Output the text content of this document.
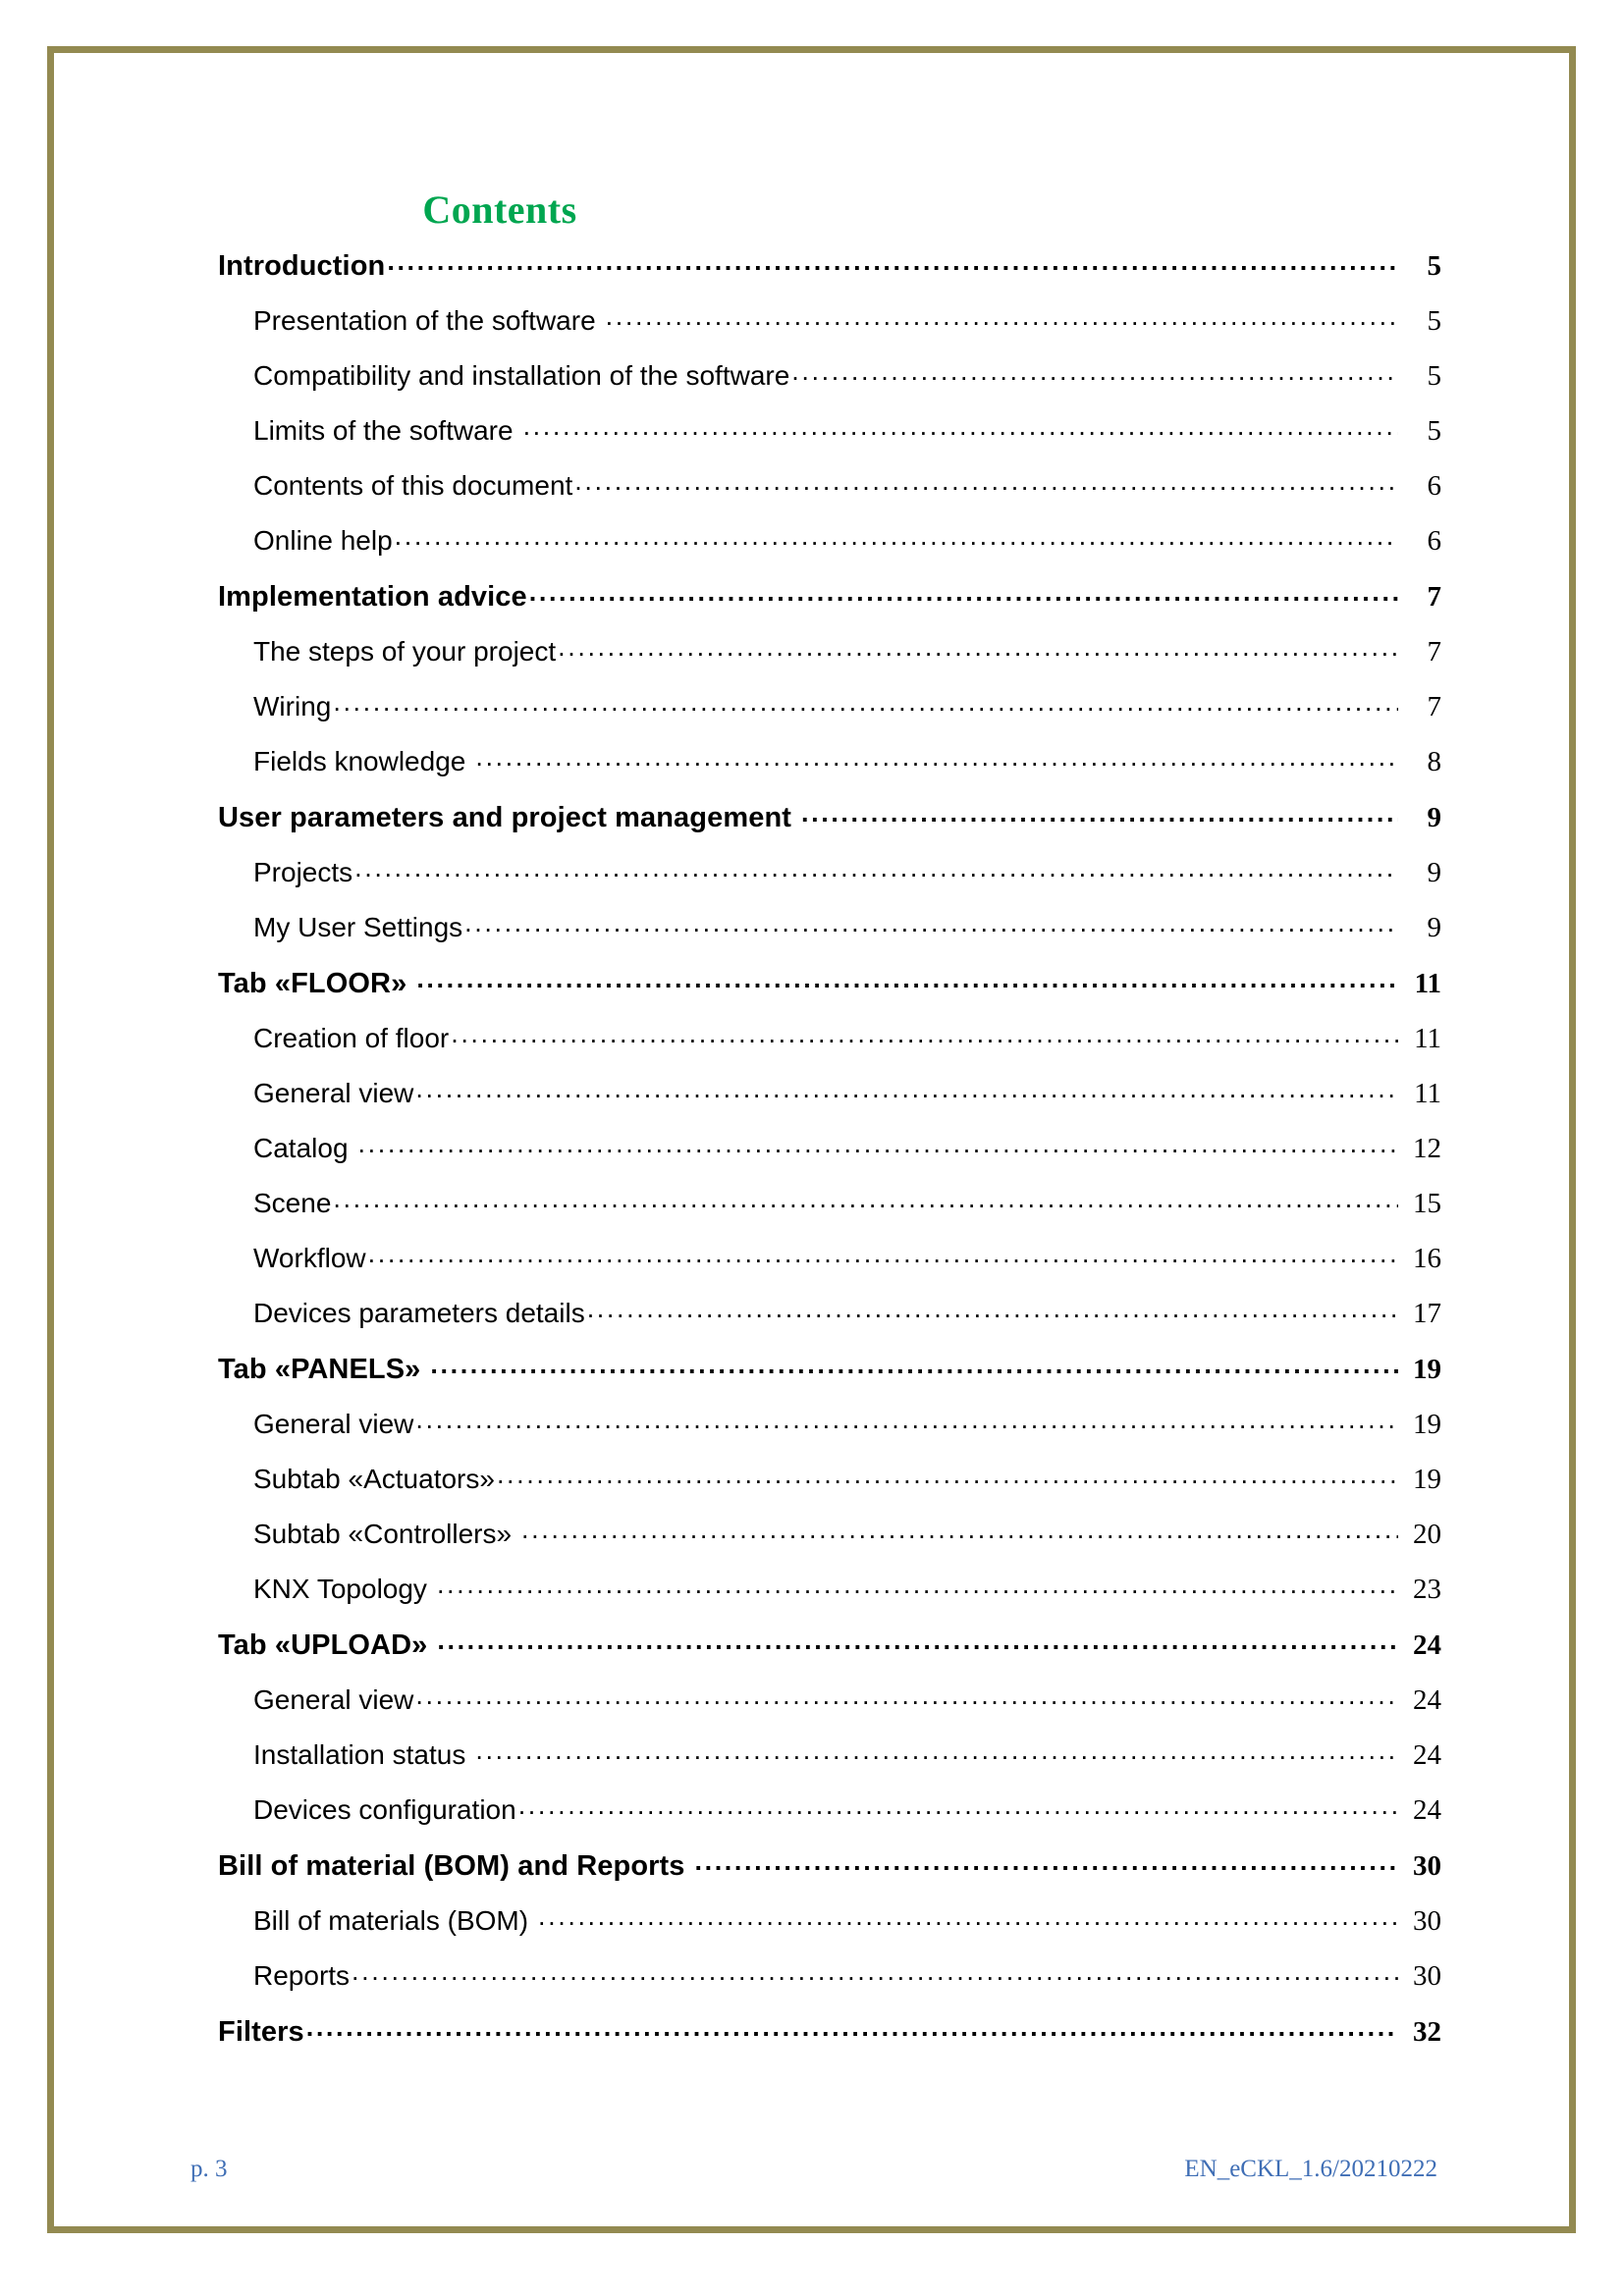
Contents
Introduction .....	5
Presentation of the software .....	5
Compatibility and installation of the software .....	5
Limits of the software .....	5
Contents of this document .....	6
Online help .....	6
Implementation advice .....	7
The steps of your project .....	7
Wiring .....	7
Fields knowledge .....	8
User parameters and project management .....	9
Projects .....	9
My User Settings .....	9
Tab «FLOOR» .....	11
Creation of floor .....	11
General view .....	11
Catalog .....	12
Scene .....	15
Workflow .....	16
Devices parameters details .....	17
Tab «PANELS» .....	19
General view .....	19
Subtab «Actuators» .....	19
Subtab «Controllers» .....	20
KNX Topology .....	23
Tab «UPLOAD» .....	24
General view .....	24
Installation status .....	24
Devices configuration .....	24
Bill of material (BOM) and Reports .....	30
Bill of materials (BOM) .....	30
Reports .....	30
Filters .....	32
p. 3	EN_eCKL_1.6/20210222
